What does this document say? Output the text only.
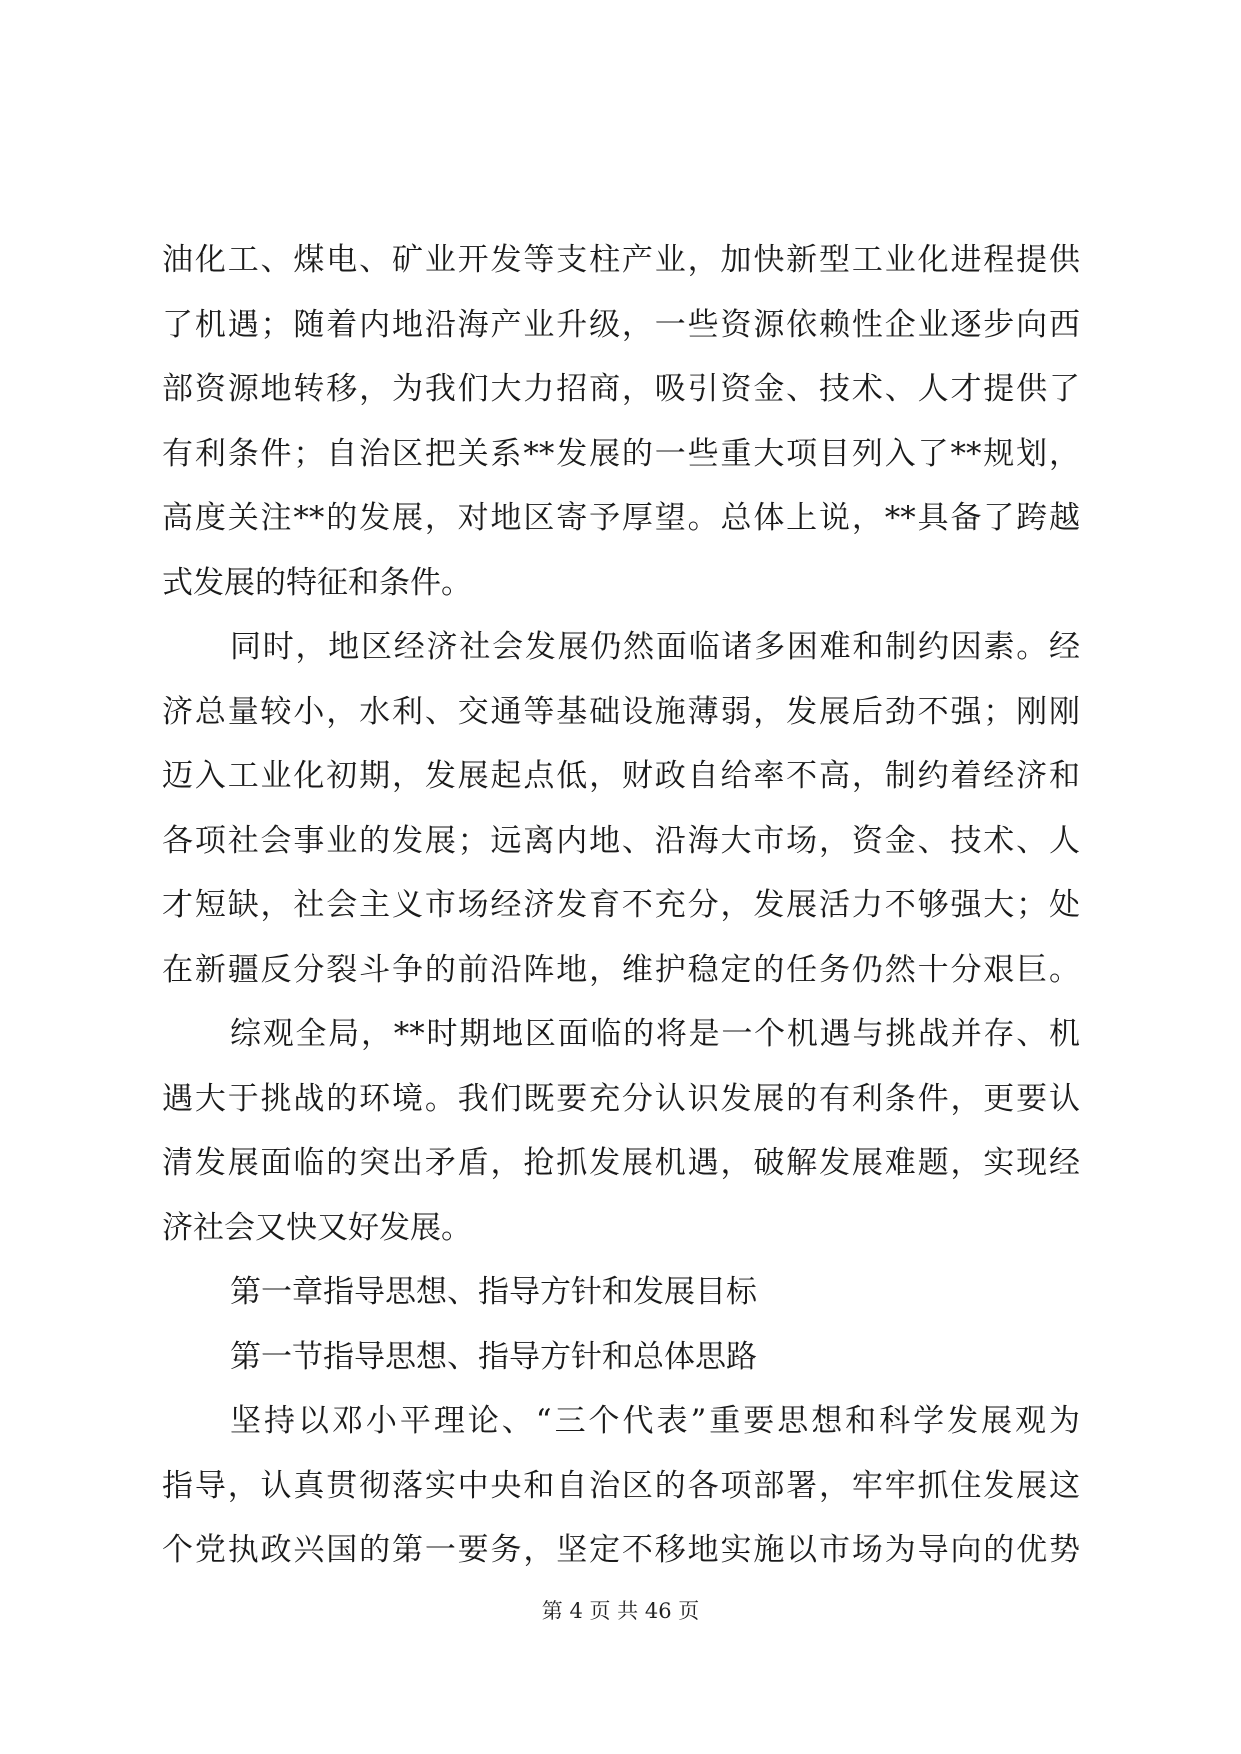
油化工、煤电、矿业开发等支柱产业，加快新型工业化进程提供
了机遇；随着内地沿海产业升级，一些资源依赖性企业逐步向西
部资源地转移，为我们大力招商，吸引资金、技术、人才提供了
有利条件；自治区把关系**发展的一些重大项目列入了**规划，
高度关注**的发展，对地区寄予厚望。总体上说，**具备了跨越
式发展的特征和条件。
同时，地区经济社会发展仍然面临诸多困难和制约因素。经
济总量较小，水利、交通等基础设施薄弱，发展后劲不强；刚刚
迈入工业化初期，发展起点低，财政自给率不高，制约着经济和
各项社会事业的发展；远离内地、沿海大市场，资金、技术、人
才短缺，社会主义市场经济发育不充分，发展活力不够强大；处
在新疆反分裂斗争的前沿阵地，维护稳定的任务仍然十分艰巨。
综观全局，**时期地区面临的将是一个机遇与挑战并存、机
遇大于挑战的环境。我们既要充分认识发展的有利条件，更要认
清发展面临的突出矛盾，抢抓发展机遇，破解发展难题，实现经
济社会又快又好发展。
第一章指导思想、指导方针和发展目标
第一节指导思想、指导方针和总体思路
坚持以邓小平理论、“三个代表”重要思想和科学发展观为
指导，认真贯彻落实中央和自治区的各项部署，牢牢抓住发展这
个党执政兴国的第一要务，坚定不移地实施以市场为导向的优势
第 4 页 共 46 页
